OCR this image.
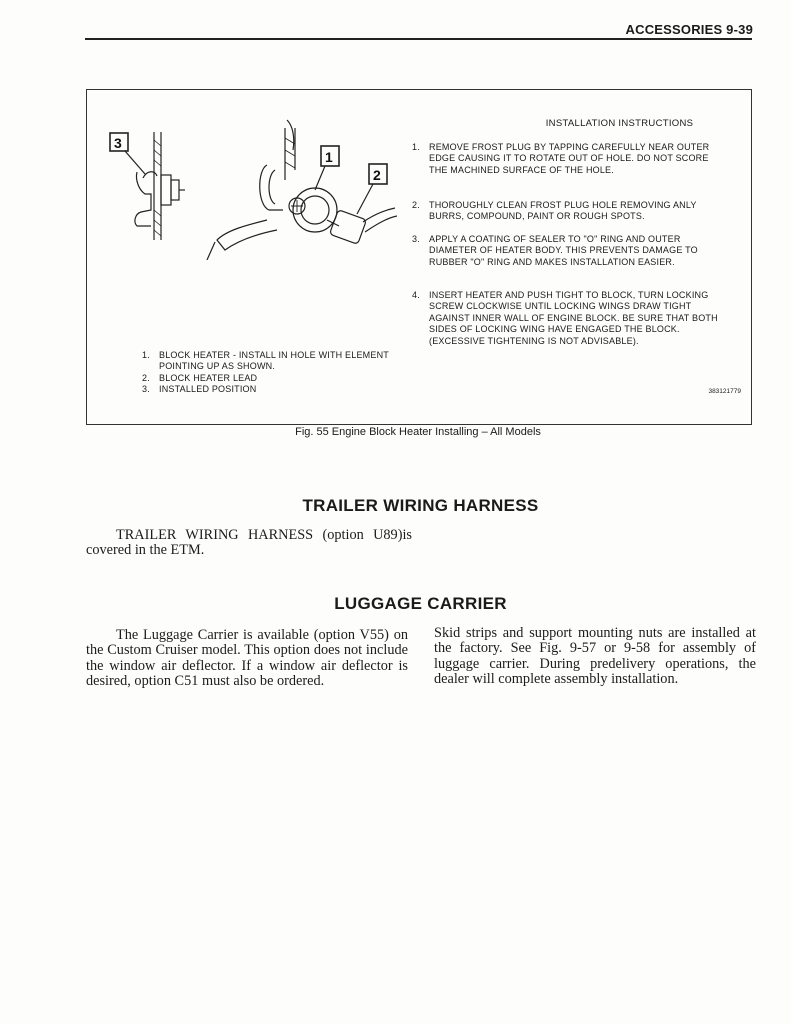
ACCESSORIES 9-39
3
1
2
INSTALLATION INSTRUCTIONS
1. REMOVE FROST PLUG BY TAPPING CAREFULLY NEAR OUTER EDGE CAUSING IT TO ROTATE OUT OF HOLE. DO NOT SCORE THE MACHINED SURFACE OF THE HOLE.
2. THOROUGHLY CLEAN FROST PLUG HOLE REMOVING ANLY BURRS, COMPOUND, PAINT OR ROUGH SPOTS.
3. APPLY A COATING OF SEALER TO "O" RING AND OUTER DIAMETER OF HEATER BODY. THIS PREVENTS DAMAGE TO RUBBER "O" RING AND MAKES INSTALLATION EASIER.
4. INSERT HEATER AND PUSH TIGHT TO BLOCK, TURN LOCKING SCREW CLOCKWISE UNTIL LOCKING WINGS DRAW TIGHT AGAINST INNER WALL OF ENGINE BLOCK. BE SURE THAT BOTH SIDES OF LOCKING WING HAVE ENGAGED THE BLOCK. (EXCESSIVE TIGHTENING IS NOT ADVISABLE).
1. BLOCK HEATER - INSTALL IN HOLE WITH ELEMENT POINTING UP AS SHOWN.
2. BLOCK HEATER LEAD
3. INSTALLED POSITION	383121779
Fig. 55 Engine Block Heater Installing – All Models
TRAILER WIRING HARNESS
TRAILER WIRING HARNESS (option U89)is covered in the ETM.
LUGGAGE CARRIER
The Luggage Carrier is available (option V55) on the Custom Cruiser model. This option does not include the window air deflector. If a window air deflector is desired, option C51 must also be ordered.
Skid strips and support mounting nuts are installed at the factory. See Fig. 9-57 or 9-58 for assembly of luggage carrier. During predelivery operations, the dealer will complete assembly installation.
